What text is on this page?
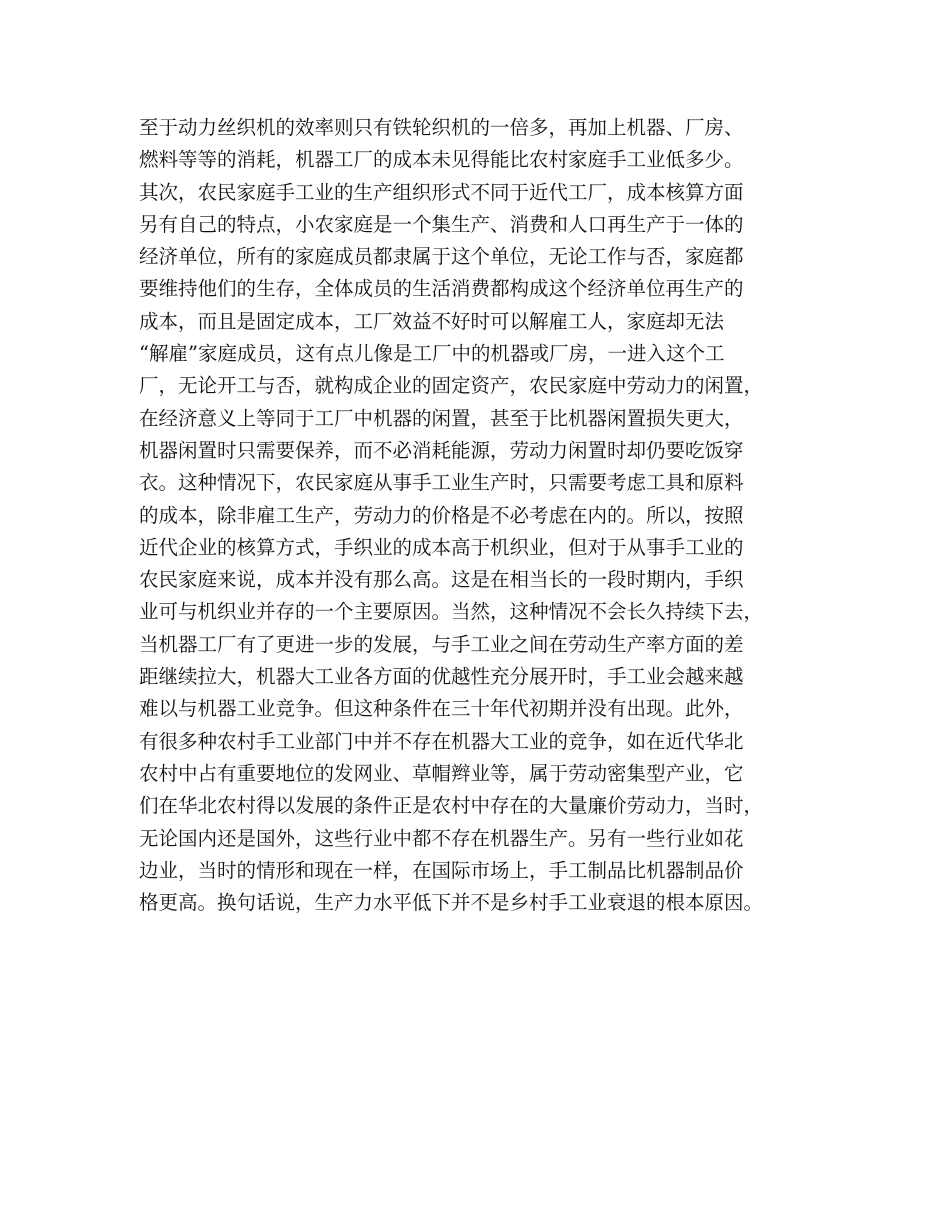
至于动力丝织机的效率则只有铁轮织机的一倍多，再加上机器、厂房、
燃料等等的消耗，机器工厂的成本未见得能比农村家庭手工业低多少。
其次，农民家庭手工业的生产组织形式不同于近代工厂，成本核算方面
另有自己的特点，小农家庭是一个集生产、消费和人口再生产于一体的
经济单位，所有的家庭成员都隶属于这个单位，无论工作与否，家庭都
要维持他们的生存，全体成员的生活消费都构成这个经济单位再生产的
成本，而且是固定成本，工厂效益不好时可以解雇工人，家庭却无法
“解雇”家庭成员，这有点儿像是工厂中的机器或厂房，一进入这个工
厂，无论开工与否，就构成企业的固定资产，农民家庭中劳动力的闲置，
在经济意义上等同于工厂中机器的闲置，甚至于比机器闲置损失更大，
机器闲置时只需要保养，而不必消耗能源，劳动力闲置时却仍要吃饭穿
衣。这种情况下，农民家庭从事手工业生产时，只需要考虑工具和原料
的成本，除非雇工生产，劳动力的价格是不必考虑在内的。所以，按照
近代企业的核算方式，手织业的成本高于机织业，但对于从事手工业的
农民家庭来说，成本并没有那么高。这是在相当长的一段时期内，手织
业可与机织业并存的一个主要原因。当然，这种情况不会长久持续下去，
当机器工厂有了更进一步的发展，与手工业之间在劳动生产率方面的差
距继续拉大，机器大工业各方面的优越性充分展开时，手工业会越来越
难以与机器工业竞争。但这种条件在三十年代初期并没有出现。此外，
有很多种农村手工业部门中并不存在机器大工业的竞争，如在近代华北
农村中占有重要地位的发网业、草帽辫业等，属于劳动密集型产业，它
们在华北农村得以发展的条件正是农村中存在的大量廉价劳动力，当时，
无论国内还是国外，这些行业中都不存在机器生产。另有一些行业如花
边业，当时的情形和现在一样，在国际市场上，手工制品比机器制品价
格更高。换句话说，生产力水平低下并不是乡村手工业衰退的根本原因。
